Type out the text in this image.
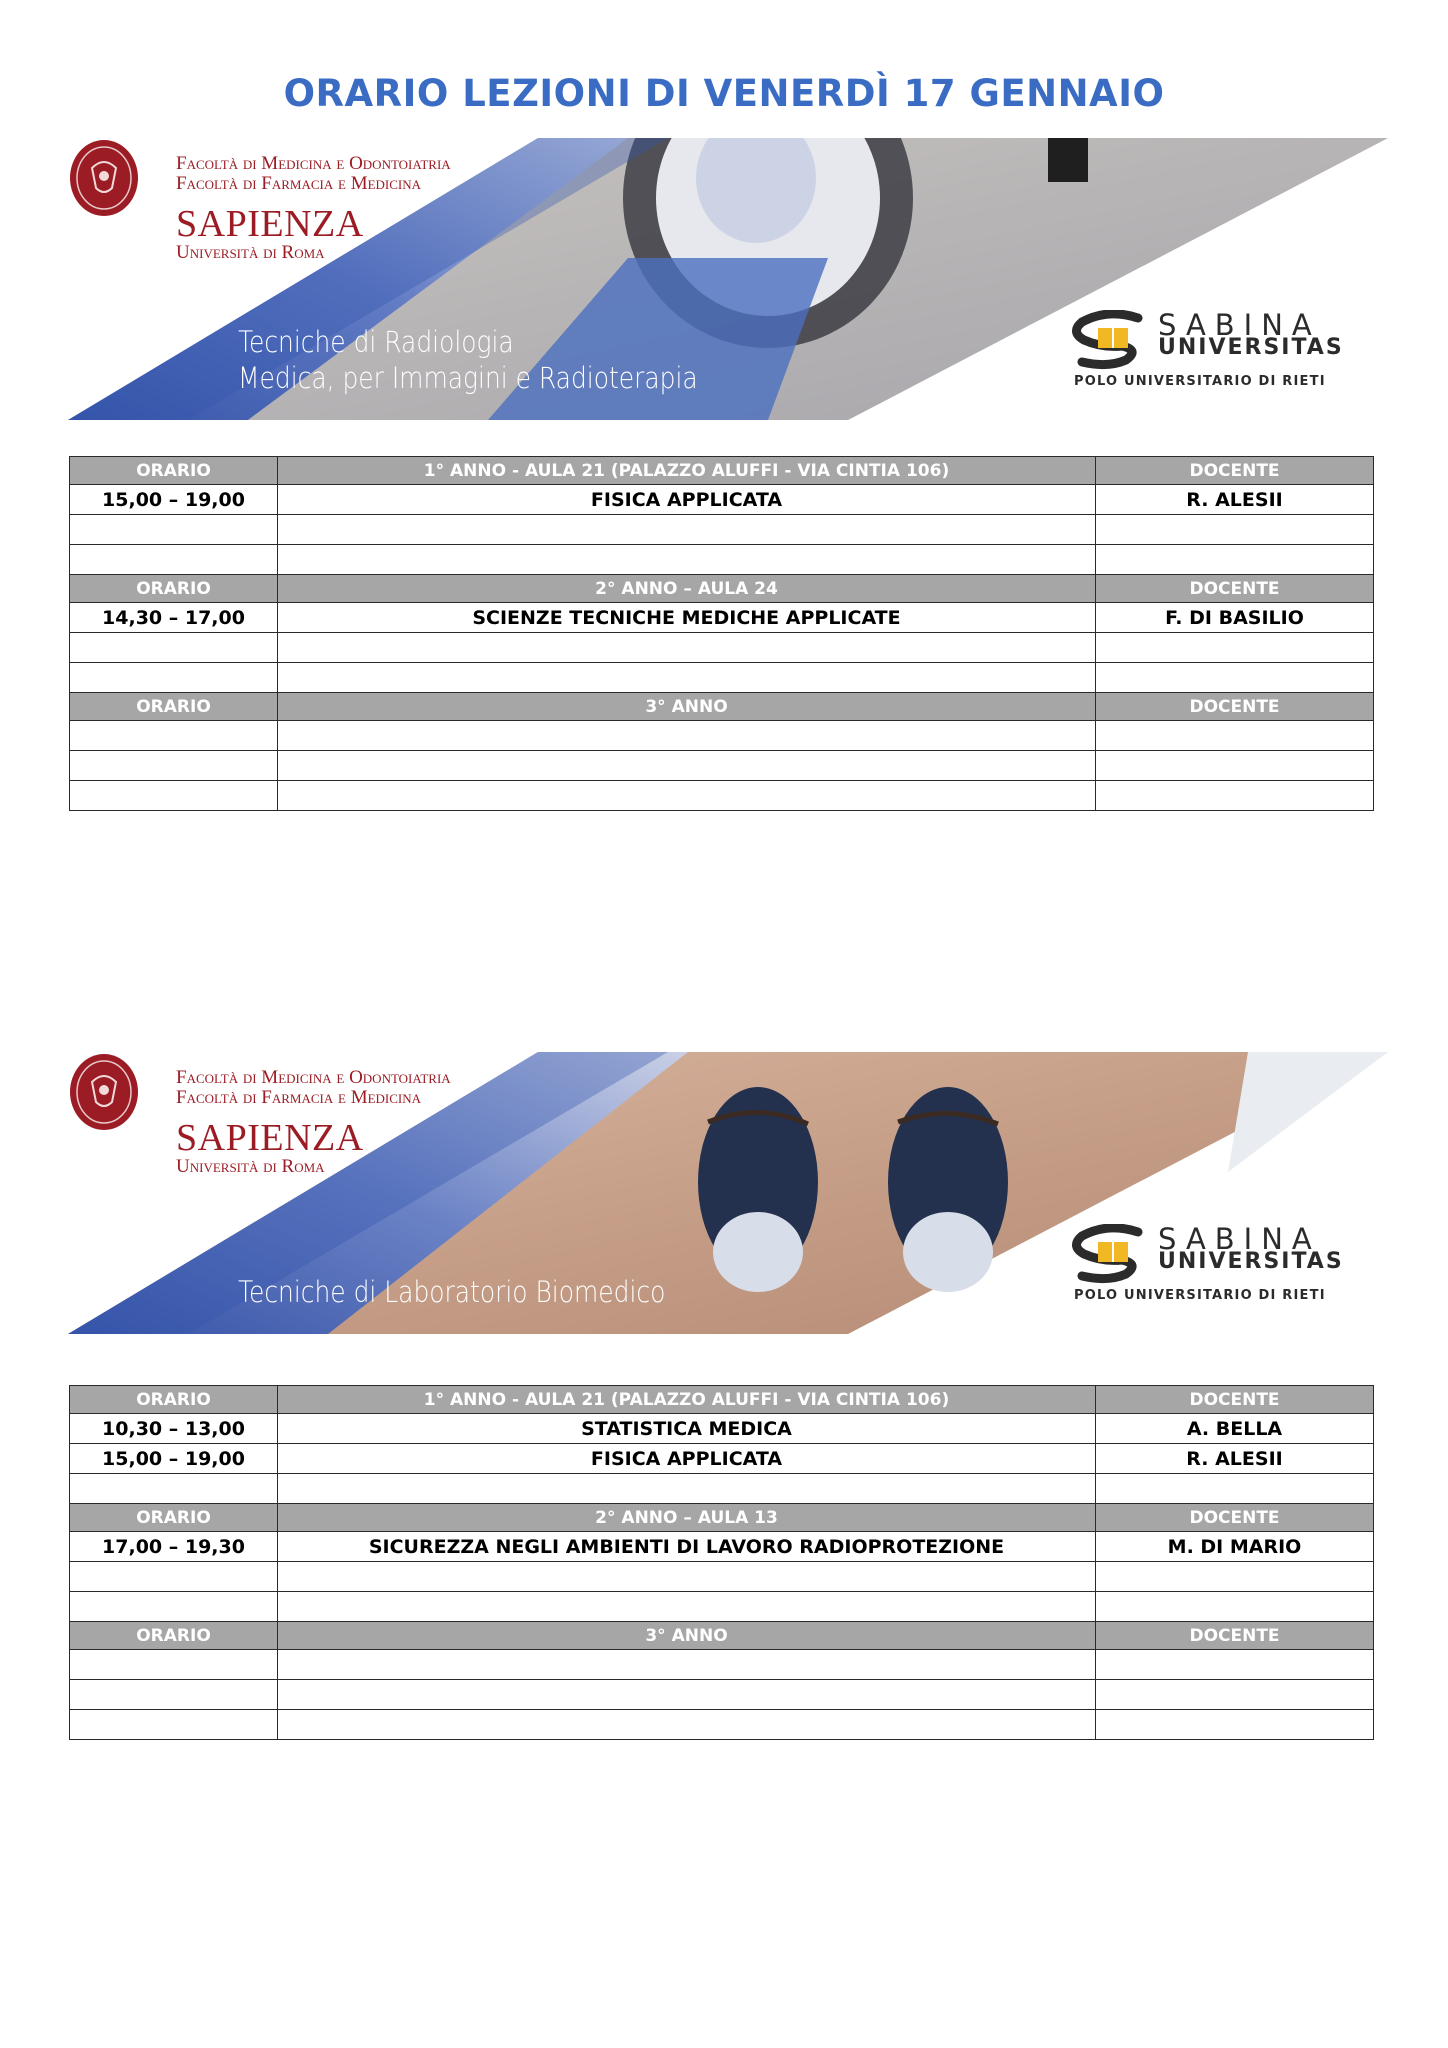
ORARIO LEZIONI DI VENERDÌ 17 GENNAIO
Facoltà di Medicina e Odontoiatria
Facoltà di Farmacia e Medicina
SAPIENZA
Università di Roma
Tecniche di Radiologia
Medica, per Immagini e Radioterapia
SABINA
UNIVERSITAS
POLO UNIVERSITARIO DI RIETI
ORARIO	1° ANNO - AULA 21 (PALAZZO ALUFFI - VIA CINTIA 106)	DOCENTE
15,00 – 19,00	FISICA APPLICATA	R. ALESII

ORARIO	2° ANNO – AULA 24	DOCENTE
14,30 – 17,00	SCIENZE TECNICHE MEDICHE APPLICATE	F. DI BASILIO

ORARIO	3° ANNO	DOCENTE

Facoltà di Medicina e Odontoiatria
Facoltà di Farmacia e Medicina
SAPIENZA
Università di Roma
Tecniche di Laboratorio Biomedico
SABINA
UNIVERSITAS
POLO UNIVERSITARIO DI RIETI
ORARIO	1° ANNO - AULA 21 (PALAZZO ALUFFI - VIA CINTIA 106)	DOCENTE
10,30 – 13,00	STATISTICA MEDICA	A. BELLA
15,00 – 19,00	FISICA APPLICATA	R. ALESII

ORARIO	2° ANNO – AULA 13	DOCENTE
17,00 – 19,30	SICUREZZA NEGLI AMBIENTI DI LAVORO RADIOPROTEZIONE	M. DI MARIO

ORARIO	3° ANNO	DOCENTE
